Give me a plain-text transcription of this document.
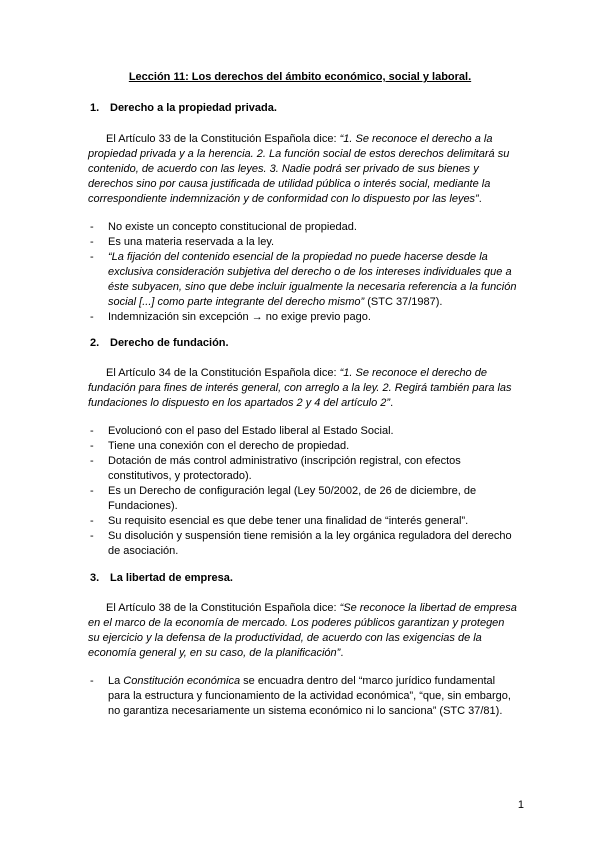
Lección 11: Los derechos del ámbito económico, social y laboral.
1. Derecho a la propiedad privada.

El Artículo 33 de la Constitución Española dice: “1. Se reconoce el derecho a la propiedad privada y a la herencia. 2. La función social de estos derechos delimitará su contenido, de acuerdo con las leyes. 3. Nadie podrá ser privado de sus bienes y derechos sino por causa justificada de utilidad pública o interés social, mediante la correspondiente indemnización y de conformidad con lo dispuesto por las leyes”.

- No existe un concepto constitucional de propiedad.
- Es una materia reservada a la ley.
- “La fijación del contenido esencial de la propiedad no puede hacerse desde la exclusiva consideración subjetiva del derecho o de los intereses individuales que a éste subyacen, sino que debe incluir igualmente la necesaria referencia a la función social [...] como parte integrante del derecho mismo” (STC 37/1987).
- Indemnización sin excepción → no exige previo pago.
2. Derecho de fundación.

El Artículo 34 de la Constitución Española dice: “1. Se reconoce el derecho de fundación para fines de interés general, con arreglo a la ley. 2. Regirá también para las fundaciones lo dispuesto en los apartados 2 y 4 del artículo 2”.

- Evolucionó con el paso del Estado liberal al Estado Social.
- Tiene una conexión con el derecho de propiedad.
- Dotación de más control administrativo (inscripción registral, con efectos constitutivos, y protectorado).
- Es un Derecho de configuración legal (Ley 50/2002, de 26 de diciembre, de Fundaciones).
- Su requisito esencial es que debe tener una finalidad de “interés general”.
- Su disolución y suspensión tiene remisión a la ley orgánica reguladora del derecho de asociación.
3. La libertad de empresa.

El Artículo 38 de la Constitución Española dice: “Se reconoce la libertad de empresa en el marco de la economía de mercado. Los poderes públicos garantizan y protegen su ejercicio y la defensa de la productividad, de acuerdo con las exigencias de la economía general y, en su caso, de la planificación”.

- La Constitución económica se encuadra dentro del “marco jurídico fundamental para la estructura y funcionamiento de la actividad económica”, “que, sin embargo, no garantiza necesariamente un sistema económico ni lo sanciona” (STC 37/81).
1
